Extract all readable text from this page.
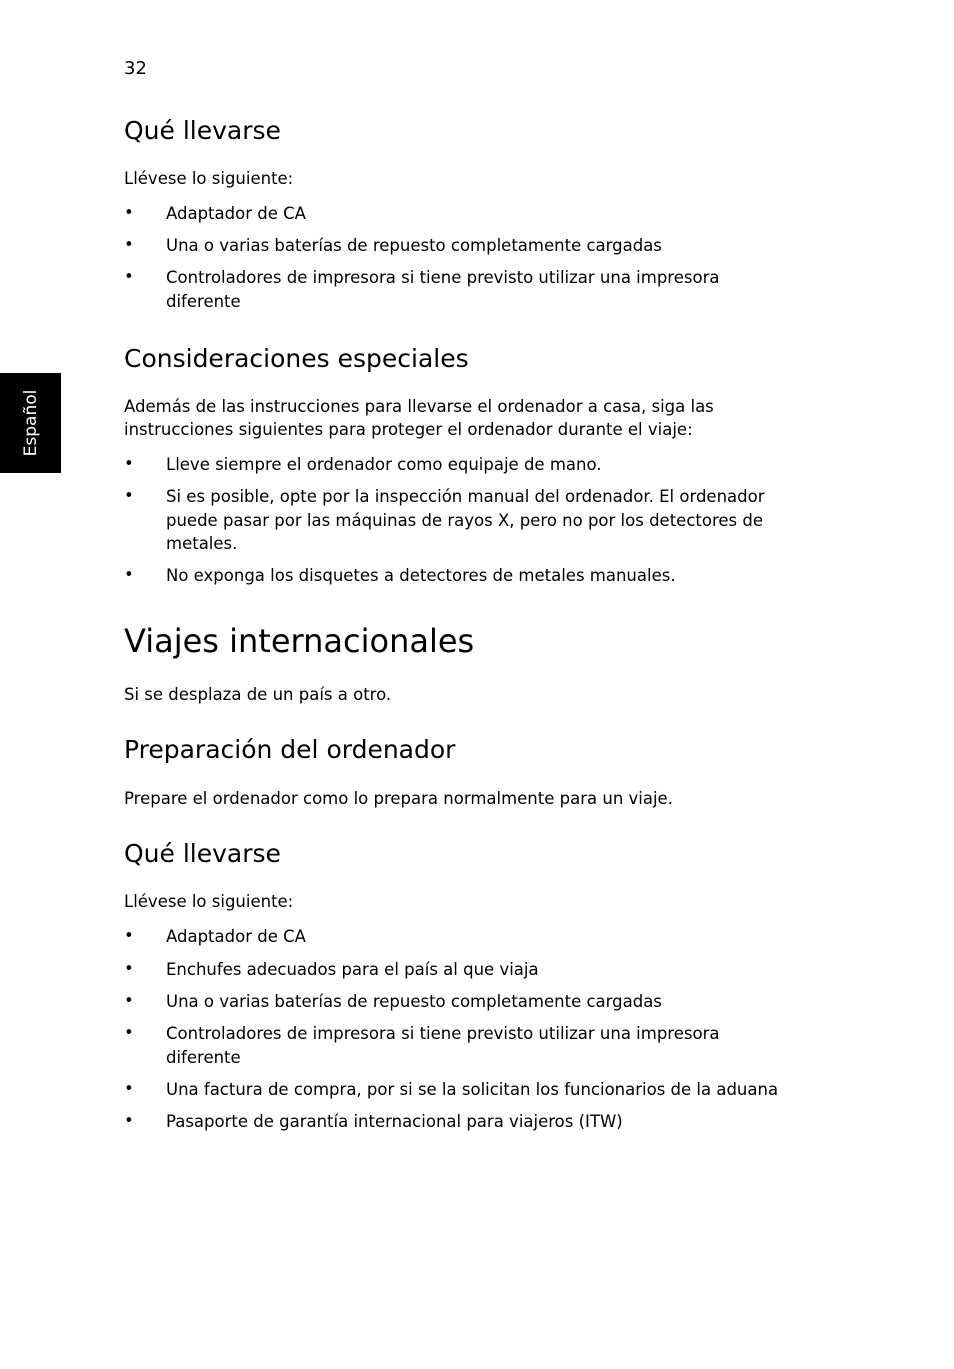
32
Español
Qué llevarse
Llévese lo siguiente:
• Adaptador de CA
• Una o varias baterías de repuesto completamente cargadas
• Controladores de impresora si tiene previsto utilizar una impresora
diferente
Consideraciones especiales
Además de las instrucciones para llevarse el ordenador a casa, siga las
instrucciones siguientes para proteger el ordenador durante el viaje:
• Lleve siempre el ordenador como equipaje de mano.
• Si es posible, opte por la inspección manual del ordenador. El ordenador
puede pasar por las máquinas de rayos X, pero no por los detectores de
metales.
• No exponga los disquetes a detectores de metales manuales.
Viajes internacionales
Si se desplaza de un país a otro.
Preparación del ordenador
Prepare el ordenador como lo prepara normalmente para un viaje.
Qué llevarse
Llévese lo siguiente:
• Adaptador de CA
• Enchufes adecuados para el país al que viaja
• Una o varias baterías de repuesto completamente cargadas
• Controladores de impresora si tiene previsto utilizar una impresora
diferente
• Una factura de compra, por si se la solicitan los funcionarios de la aduana
• Pasaporte de garantía internacional para viajeros (ITW)
